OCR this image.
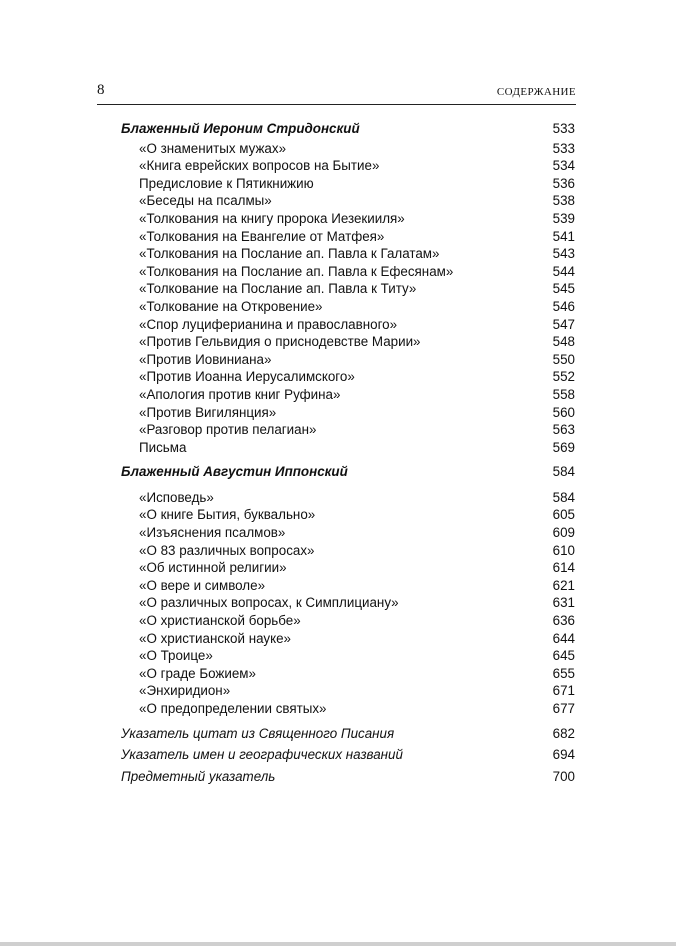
8	СОДЕРЖАНИЕ
Блаженный Иероним Стридонский	533
«О знаменитых мужах»	533
«Книга еврейских вопросов на Бытие»	534
Предисловие к Пятикнижию	536
«Беседы на псалмы»	538
«Толкования на книгу пророка Иезекииля»	539
«Толкования на Евангелие от Матфея»	541
«Толкования на Послание ап. Павла к Галатам»	543
«Толкования на Послание ап. Павла к Ефесянам»	544
«Толкование на Послание ап. Павла к Титу»	545
«Толкование на Откровение»	546
«Спор луциферианина и православного»	547
«Против Гельвидия о приснодевстве Марии»	548
«Против Иовиниана»	550
«Против Иоанна Иерусалимского»	552
«Апология против книг Руфина»	558
«Против Вигилянция»	560
«Разговор против пелагиан»	563
Письма	569
Блаженный Августин Иппонский	584
«Исповедь»	584
«О книге Бытия, буквально»	605
«Изъяснения псалмов»	609
«О 83 различных вопросах»	610
«Об истинной религии»	614
«О вере и символе»	621
«О различных вопросах, к Симплициану»	631
«О христианской борьбе»	636
«О христианской науке»	644
«О Троице»	645
«О граде Божием»	655
«Энхиридион»	671
«О предопределении святых»	677
Указатель цитат из Священного Писания	682
Указатель имен и географических названий	694
Предметный указатель	700
